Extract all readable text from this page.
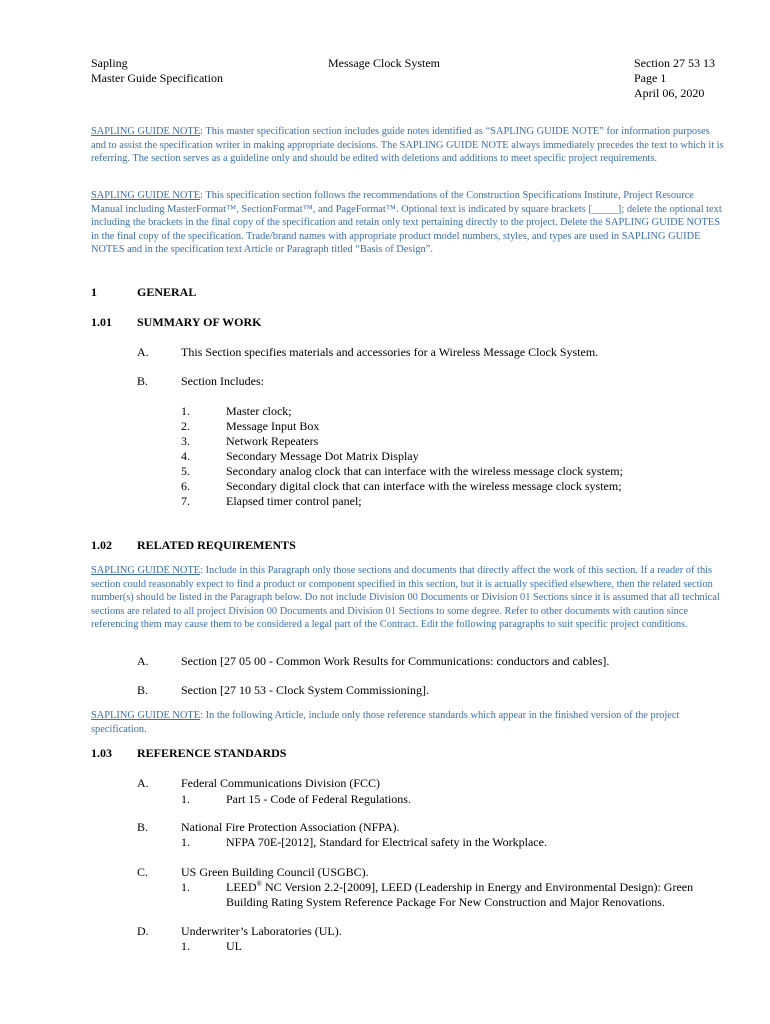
Sapling
Master Guide Specification
Message Clock System	Section 27 53 13
Page 1
April 06, 2020
SAPLING GUIDE NOTE: This master specification section includes guide notes identified as “SAPLING GUIDE NOTE” for information purposes and to assist the specification writer in making appropriate decisions. The SAPLING GUIDE NOTE always immediately precedes the text to which it is referring. The section serves as a guideline only and should be edited with deletions and additions to meet specific project requirements.
SAPLING GUIDE NOTE: This specification section follows the recommendations of the Construction Specifications Institute, Project Resource Manual including MasterFormat™, SectionFormat™, and PageFormat™. Optional text is indicated by square brackets [_____]; delete the optional text including the brackets in the final copy of the specification and retain only text pertaining directly to the project. Delete the SAPLING GUIDE NOTES in the final copy of the specification. Trade/brand names with appropriate product model numbers, styles, and types are used in SAPLING GUIDE NOTES and in the specification text Article or Paragraph titled “Basis of Design”.
1	GENERAL
1.01 SUMMARY OF WORK
A.	This Section specifies materials and accessories for a Wireless Message Clock System.
B.	Section Includes:
1.	Master clock;
2.	Message Input Box
3.	Network Repeaters
4.	Secondary Message Dot Matrix Display
5.	Secondary analog clock that can interface with the wireless message clock system;
6.	Secondary digital clock that can interface with the wireless message clock system;
7.	Elapsed timer control panel;
1.02 RELATED REQUIREMENTS
SAPLING GUIDE NOTE: Include in this Paragraph only those sections and documents that directly affect the work of this section. If a reader of this section could reasonably expect to find a product or component specified in this section, but it is actually specified elsewhere, then the related section number(s) should be listed in the Paragraph below. Do not include Division 00 Documents or Division 01 Sections since it is assumed that all technical sections are related to all project Division 00 Documents and Division 01 Sections to some degree. Refer to other documents with caution since referencing them may cause them to be considered a legal part of the Contract. Edit the following paragraphs to suit specific project conditions.
A.	Section [27 05 00 - Common Work Results for Communications: conductors and cables].
B.	Section [27 10 53 - Clock System Commissioning].
SAPLING GUIDE NOTE: In the following Article, include only those reference standards which appear in the finished version of the project specification.
1.03 REFERENCE STANDARDS
A.	Federal Communications Division (FCC)
1.	Part 15 - Code of Federal Regulations.
B.	National Fire Protection Association (NFPA).
1.	NFPA 70E-[2012], Standard for Electrical safety in the Workplace.
C.	US Green Building Council (USGBC).
1.	LEED® NC Version 2.2-[2009], LEED (Leadership in Energy and Environmental Design): Green
Building Rating System Reference Package For New Construction and Major Renovations.
D.	Underwriter’s Laboratories (UL).
1.	UL
